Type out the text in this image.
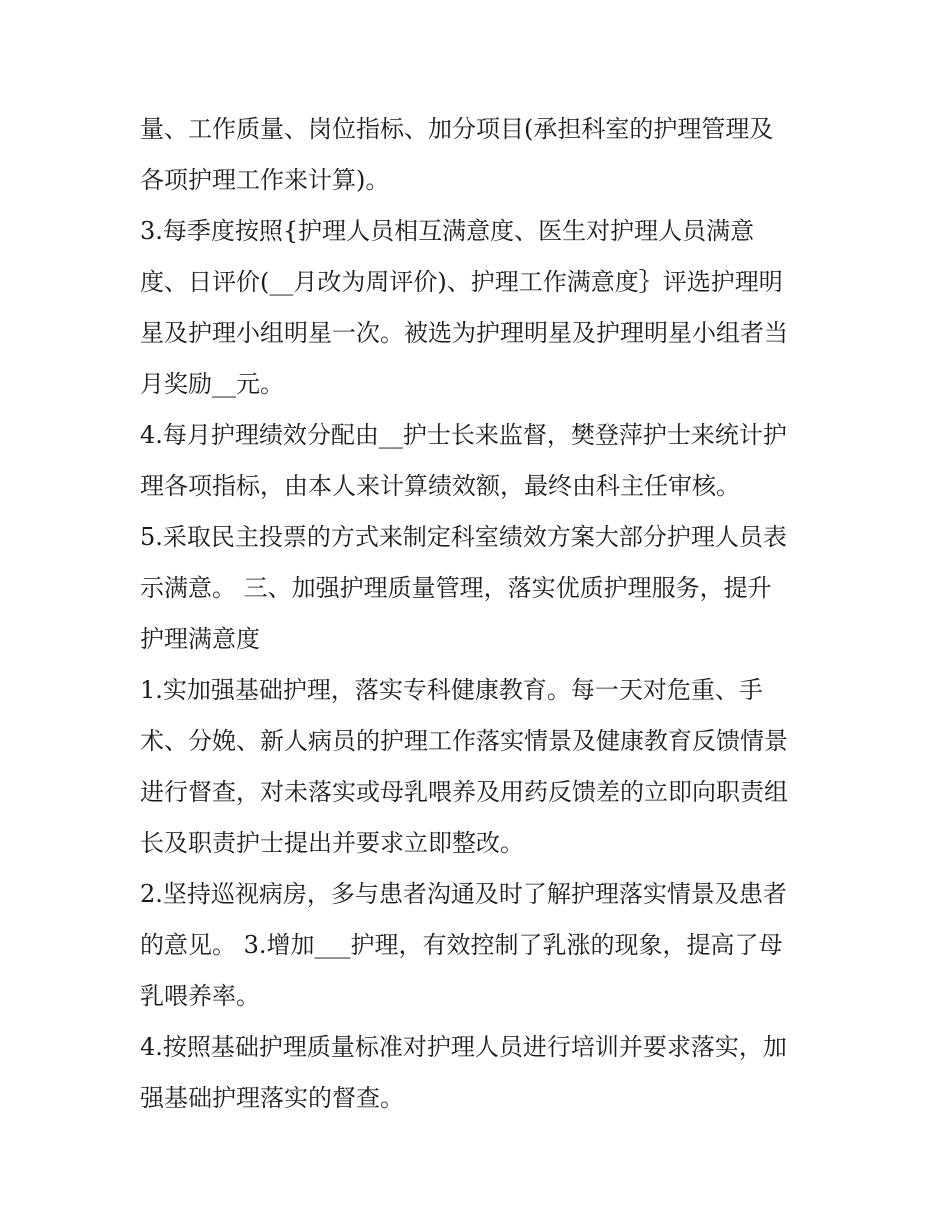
量、工作质量、岗位指标、加分项目(承担科室的护理管理及
各项护理工作来计算)。
3.每季度按照{护理人员相互满意度、医生对护理人员满意
度、日评价(__月改为周评价)、护理工作满意度｝评选护理明
星及护理小组明星一次。被选为护理明星及护理明星小组者当
月奖励__元。
4.每月护理绩效分配由__护士长来监督，樊登萍护士来统计护
理各项指标，由本人来计算绩效额，最终由科主任审核。
5.采取民主投票的方式来制定科室绩效方案大部分护理人员表
示满意。 三、加强护理质量管理，落实优质护理服务，提升
护理满意度
1.实加强基础护理，落实专科健康教育。每一天对危重、手
术、分娩、新人病员的护理工作落实情景及健康教育反馈情景
进行督查，对未落实或母乳喂养及用药反馈差的立即向职责组
长及职责护士提出并要求立即整改。
2.坚持巡视病房，多与患者沟通及时了解护理落实情景及患者
的意见。 3.增加___护理，有效控制了乳涨的现象，提高了母
乳喂养率。
4.按照基础护理质量标准对护理人员进行培训并要求落实，加
强基础护理落实的督查。
